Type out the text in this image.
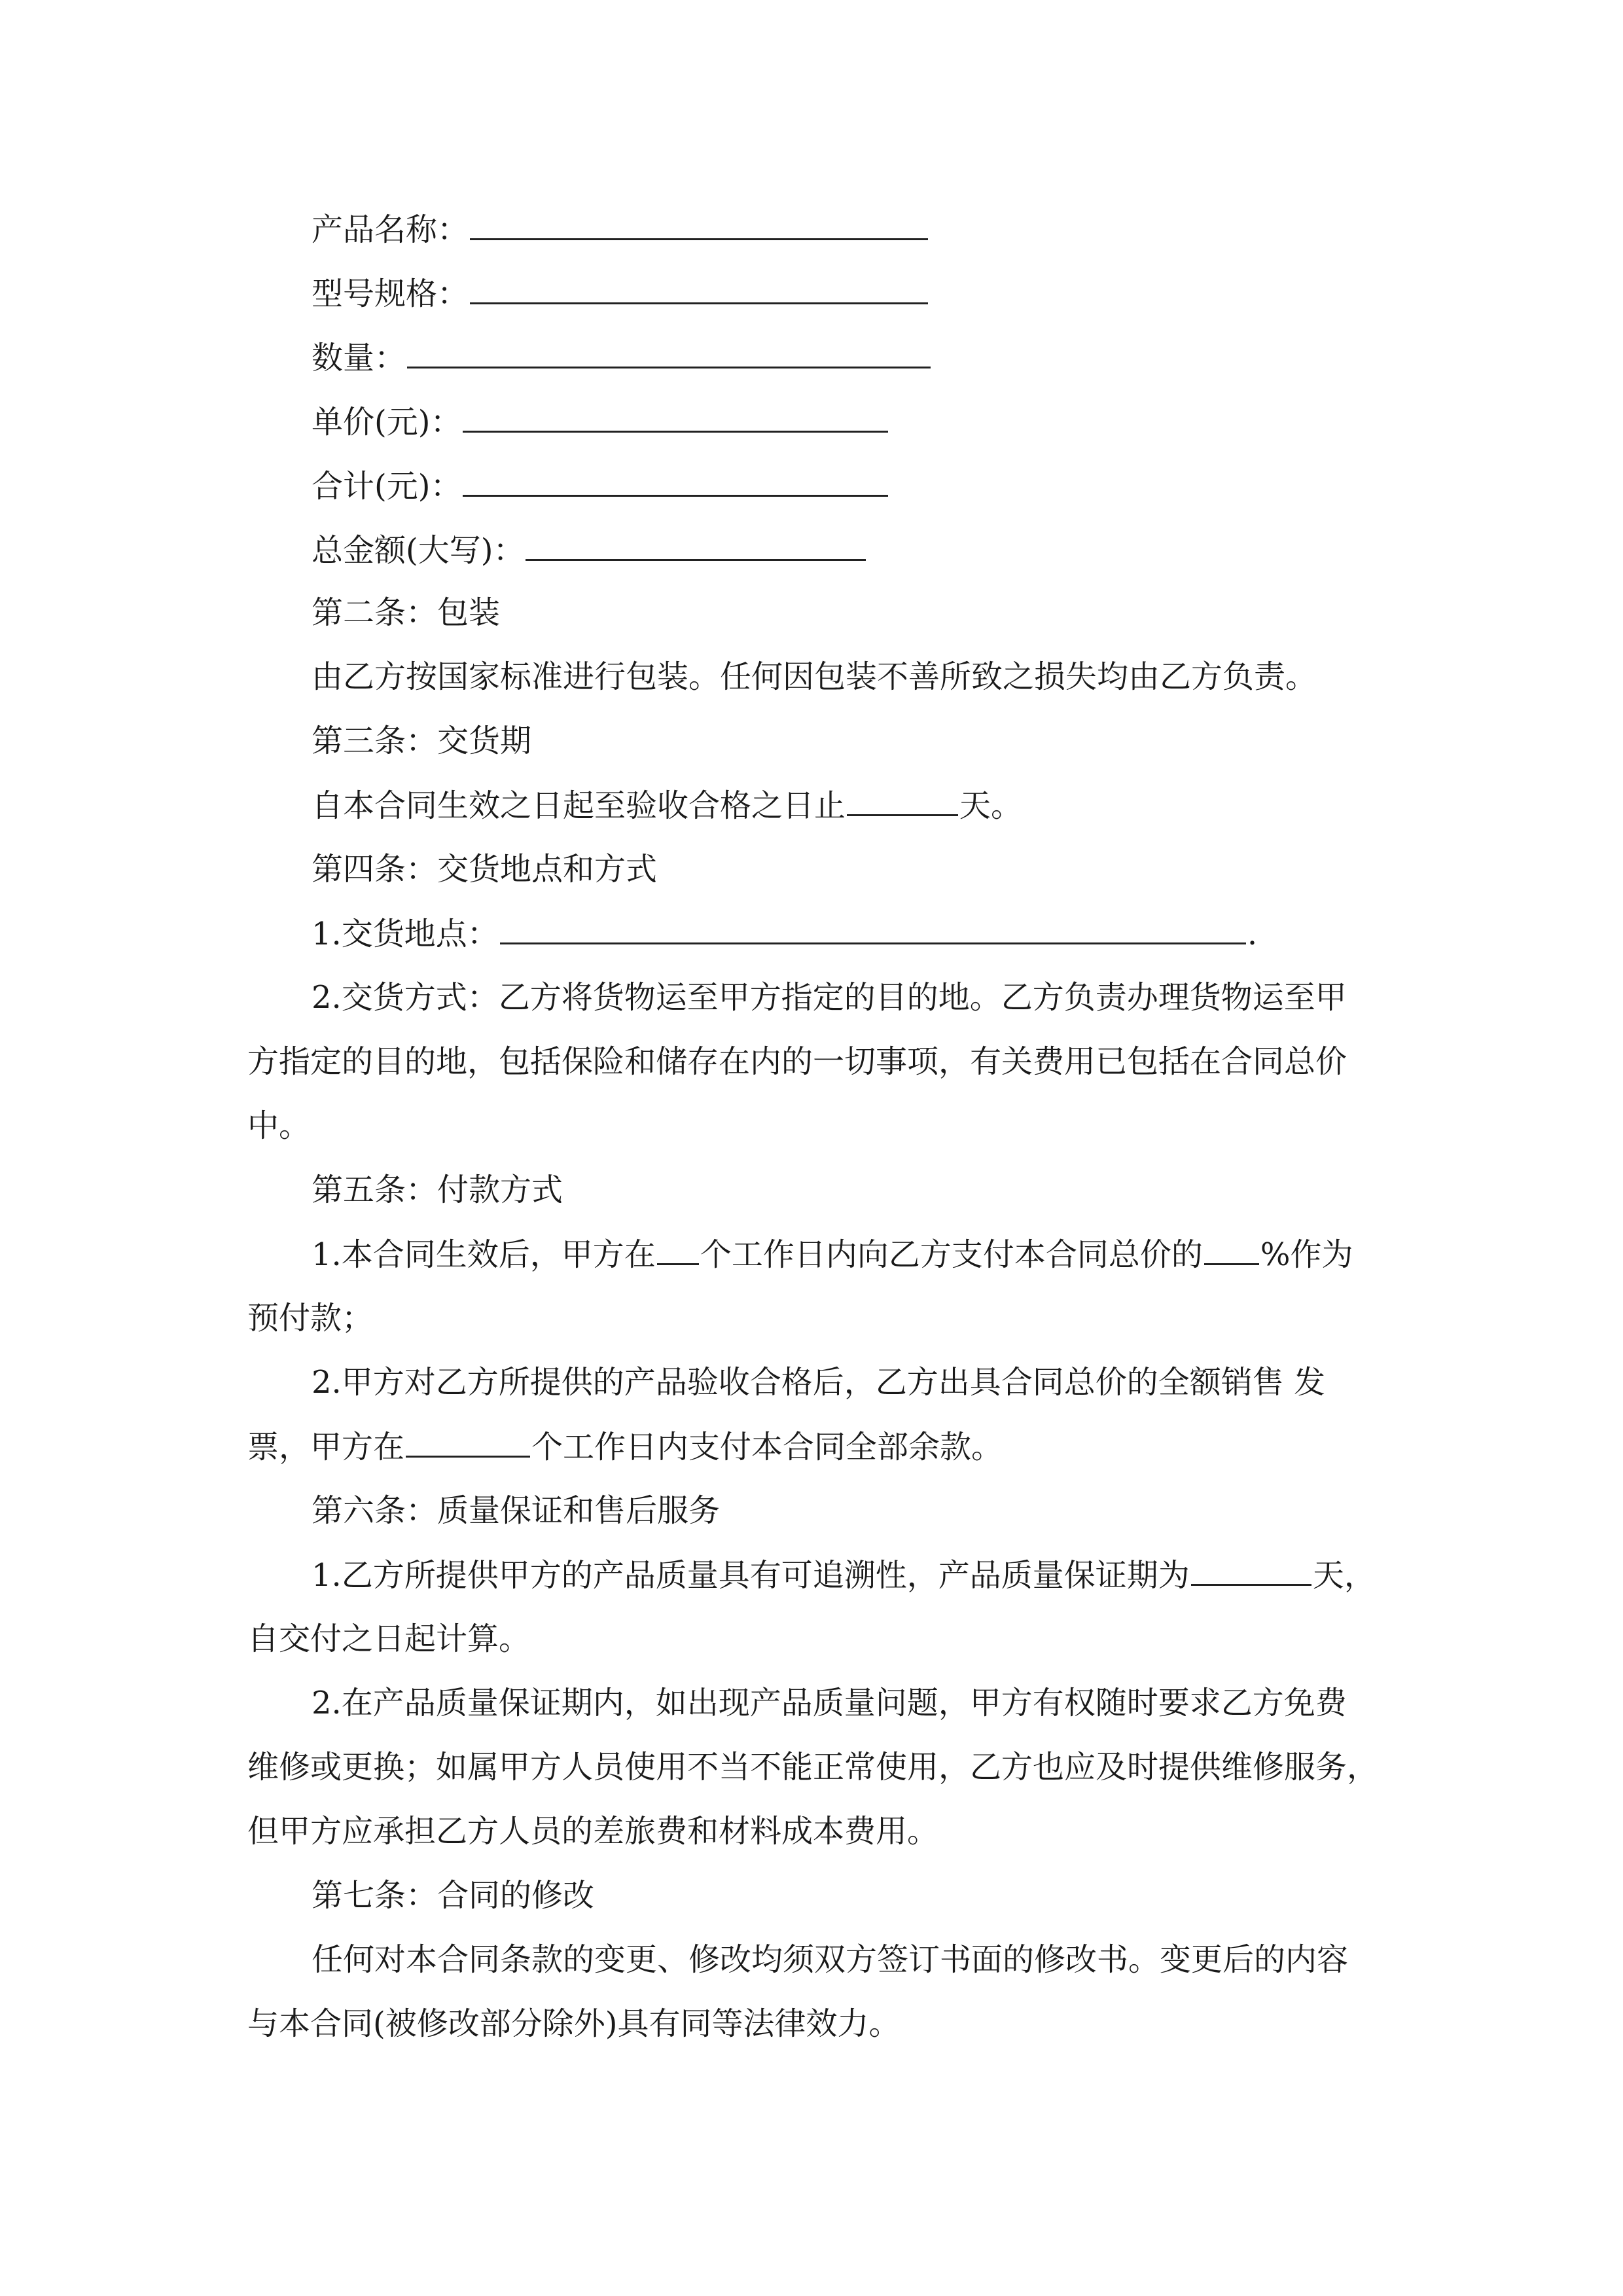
产品名称：
型号规格：
数量：
单价(元)：
合计(元)：
总金额(大写)：
第二条：包装
由乙方按国家标准进行包装。任何因包装不善所致之损失均由乙方负责。
第三条：交货期
自本合同生效之日起至验收合格之日止	天。
第四条：交货地点和方式
1.交货地点：	.
2.交货方式：乙方将货物运至甲方指定的目的地。乙方负责办理货物运至甲
方指定的目的地，包括保险和储存在内的一切事项，有关费用已包括在合同总价
中。
第五条：付款方式
1.本合同生效后，甲方在 个工作日内向乙方支付本合同总价的 %作为
预付款；
2.甲方对乙方所提供的产品验收合格后，乙方出具合同总价的全额销售 发
票，甲方在	个工作日内支付本合同全部余款。
第六条：质量保证和售后服务
1.乙方所提供甲方的产品质量具有可追溯性，产品质量保证期为	天，
自交付之日起计算。
2.在产品质量保证期内，如出现产品质量问题，甲方有权随时要求乙方免费
维修或更换；如属甲方人员使用不当不能正常使用，乙方也应及时提供维修服务，
但甲方应承担乙方人员的差旅费和材料成本费用。
第七条：合同的修改
任何对本合同条款的变更、修改均须双方签订书面的修改书。变更后的内容
与本合同(被修改部分除外)具有同等法律效力。
